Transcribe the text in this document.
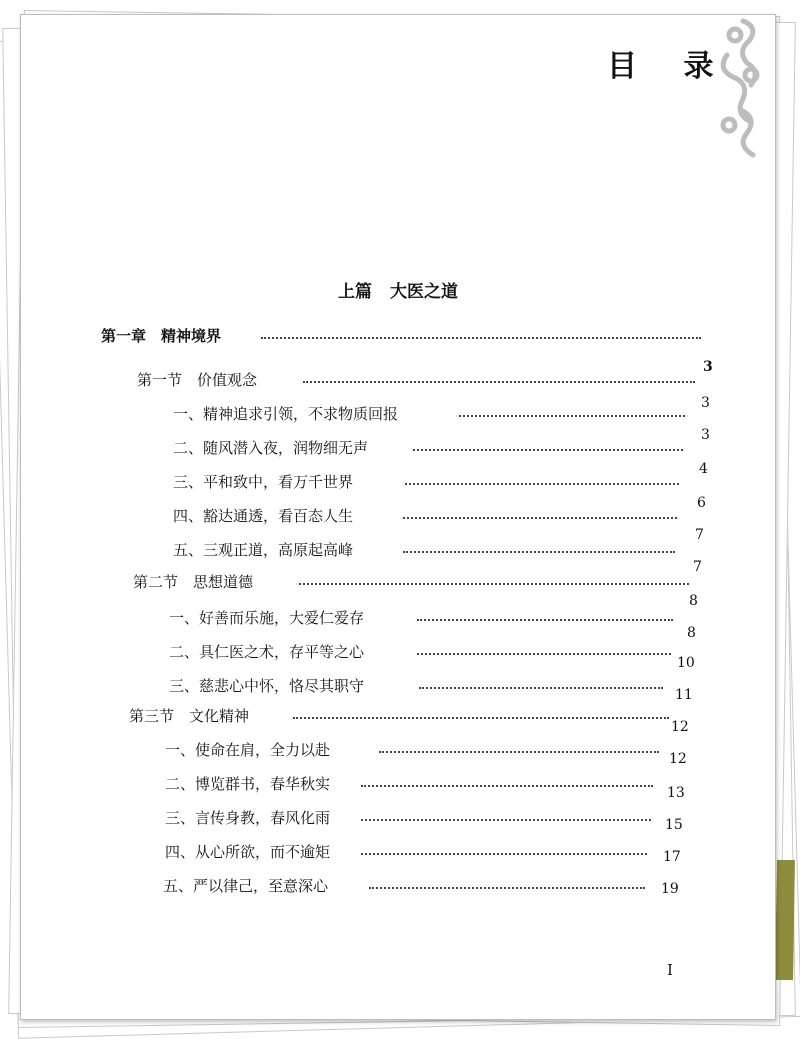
目 录
上篇 大医之道
第一章　精神境界
3
第一节　价值观念
一、精神追求引领，不求物质回报
3
二、随风潜入夜，润物细无声
3
三、平和致中，看万千世界
4
四、豁达通透，看百态人生
6
五、三观正道，高原起高峰
7
第二节　思想道德
7
一、好善而乐施，大爱仁爱存
8
二、具仁医之术，存平等之心
8
三、慈悲心中怀，恪尽其职守
10
第三节　文化精神
11
一、使命在肩，全力以赴
12
二、博览群书，春华秋实
12
三、言传身教，春风化雨
13
四、从心所欲，而不逾矩
15
五、严以律己，至意深心
17
19
I
